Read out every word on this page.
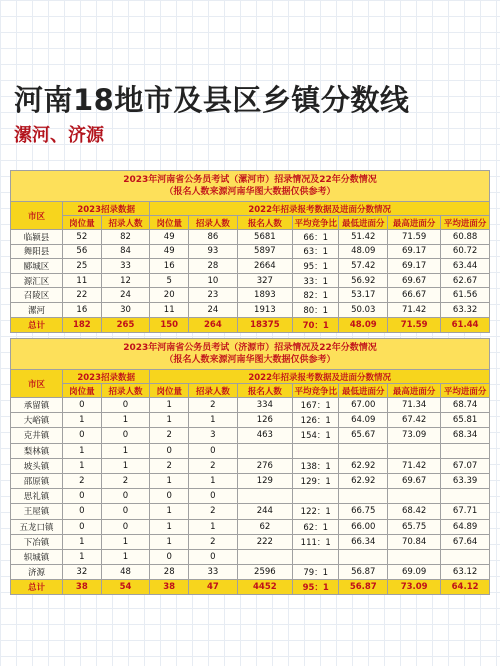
河南18地市及县区乡镇分数线
漯河、济源
2023年河南省公务员考试（漯河市）招录情况及22年分数情况
（报名人数来源河南华图大数据仅供参考）									

市区	2023招录数据		2022年招录报考数据及进面分数情况						
	岗位量	招录人数	岗位量	招录人数	报名人数	平均竞争比	最低进面分	最高进面分	平均进面分
临颍县	52	82	49	86	5681	66：1	51.42	71.59	60.88
舞阳县	56	84	49	93	5897	63：1	48.09	69.17	60.72
郾城区	25	33	16	28	2664	95：1	57.42	69.17	63.44
源汇区	11	12	5	10	327	33：1	56.92	69.67	62.67
召陵区	22	24	20	23	1893	82：1	53.17	66.67	61.56
漯河	16	30	11	24	1913	80：1	50.03	71.42	63.32
总计	182	265	150	264	18375	70：1	48.09	71.59	61.44
2023年河南省公务员考试（济源市）招录情况及22年分数情况
（报名人数来源河南华图大数据仅供参考）									

市区	2023招录数据		2022年招录报考数据及进面分数情况						
	岗位量	招录人数	岗位量	招录人数	报名人数	平均竞争比	最低进面分	最高进面分	平均进面分
承留镇	0	0	1	2	334	167：1	67.00	71.34	68.74
大峪镇	1	1	1	1	126	126：1	64.09	67.42	65.81
克井镇	0	0	2	3	463	154：1	65.67	73.09	68.34
梨林镇	1	1	0	0					
坡头镇	1	1	2	2	276	138：1	62.92	71.42	67.07
邵原镇	2	2	1	1	129	129：1	62.92	69.67	63.39
思礼镇	0	0	0	0					
王屋镇	0	0	1	2	244	122：1	66.75	68.42	67.71
五龙口镇	0	0	1	1	62	62：1	66.00	65.75	64.89
下冶镇	1	1	1	2	222	111：1	66.34	70.84	67.64
轵城镇	1	1	0	0					
济源	32	48	28	33	2596	79：1	56.87	69.09	63.12
总计	38	54	38	47	4452	95：1	56.87	73.09	64.12
